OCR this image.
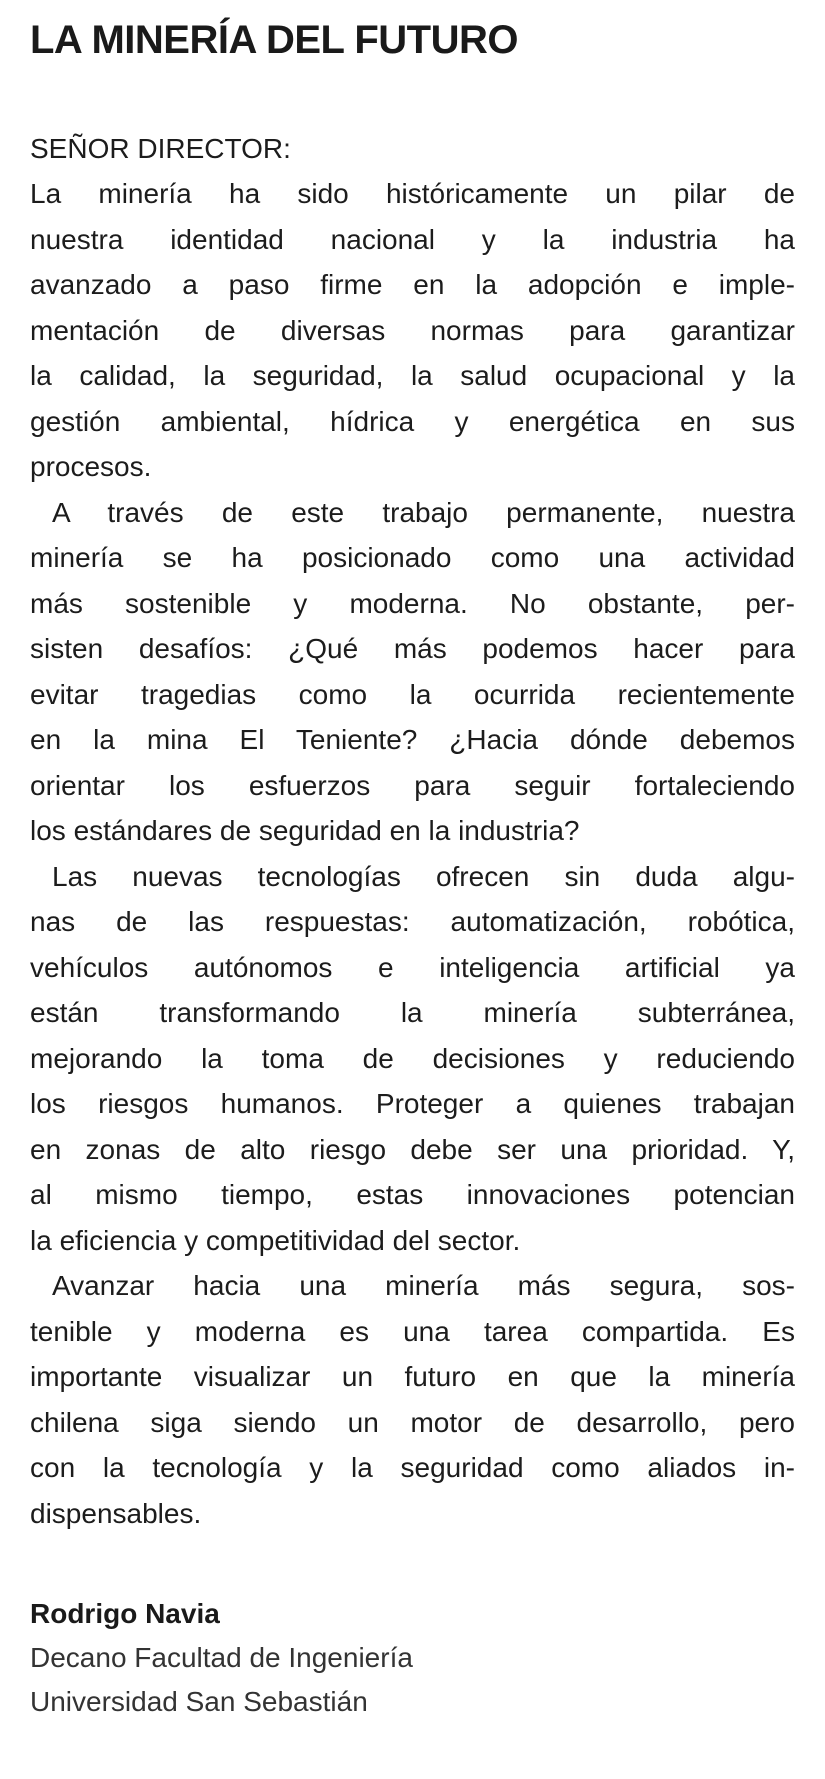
LA MINERÍA DEL FUTURO
SEÑOR DIRECTOR:
La minería ha sido históricamente un pilar de
nuestra identidad nacional y la industria ha
avanzado a paso firme en la adopción e imple-
mentación de diversas normas para garantizar
la calidad, la seguridad, la salud ocupacional y la
gestión ambiental, hídrica y energética en sus
procesos.
A través de este trabajo permanente, nuestra
minería se ha posicionado como una actividad
más sostenible y moderna. No obstante, per-
sisten desafíos: ¿Qué más podemos hacer para
evitar tragedias como la ocurrida recientemente
en la mina El Teniente? ¿Hacia dónde debemos
orientar los esfuerzos para seguir fortaleciendo
los estándares de seguridad en la industria?
Las nuevas tecnologías ofrecen sin duda algu-
nas de las respuestas: automatización, robótica,
vehículos autónomos e inteligencia artificial ya
están transformando la minería subterránea,
mejorando la toma de decisiones y reduciendo
los riesgos humanos. Proteger a quienes trabajan
en zonas de alto riesgo debe ser una prioridad. Y,
al mismo tiempo, estas innovaciones potencian
la eficiencia y competitividad del sector.
Avanzar hacia una minería más segura, sos-
tenible y moderna es una tarea compartida. Es
importante visualizar un futuro en que la minería
chilena siga siendo un motor de desarrollo, pero
con la tecnología y la seguridad como aliados in-
dispensables.
Rodrigo Navia
Decano Facultad de Ingeniería
Universidad San Sebastián
